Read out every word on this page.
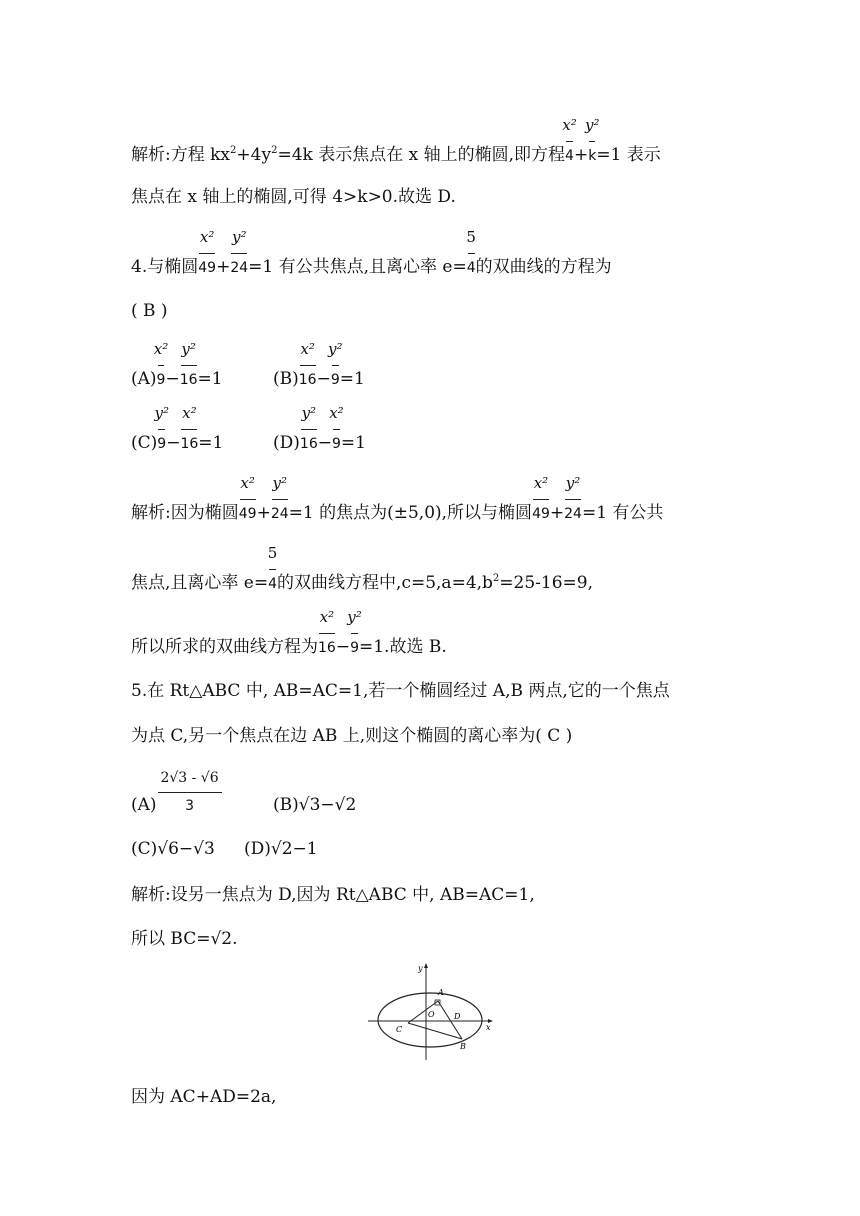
解析:方程 $kx^2+4y^2=4k$ 表示焦点在 x 轴上的椭圆,即方程 $\frac{\text{x²}}{4}+ \frac{\text{y²}}{k}=1$ 表示
焦点在 x 轴上的椭圆,可得 4>k>0.故选 D.
4.与椭圆 $\frac{\text{x²}}{49}+ \frac{\text{y²}}{24}=1$ 有公共焦点,且离心率 $e= \frac{5}{4}$的双曲线的方程为
( B )
$(A) \frac{\text{x²}}{9}- \frac{\text{y²}}{16}=1$	$(B) \frac{\text{x²}}{16}- \frac{\text{y²}}{9}=1$
$(C) \frac{\text{y²}}{9}- \frac{\text{x²}}{16}=1$	$(D) \frac{\text{y²}}{16}- \frac{\text{x²}}{9}=1$
解析:因为椭圆 $\frac{\text{x²}}{49}+ \frac{\text{y²}}{24}=1$ 的焦点为(±5,0),所以与椭圆 $\frac{\text{x²}}{49}+ \frac{\text{y²}}{24}=1$ 有公共
焦点,且离心率 $e= \frac{5}{4}$的双曲线方程中$,c=5,a=4,b^2=25-16=9$,
所以所求的双曲线方程为 $\frac{\text{x²}}{16}- \frac{\text{y²}}{9}=1$.故选 B.
5.在 Rt△ABC 中, AB=AC=1,若一个椭圆经过 A,B 两点,它的一个焦点
为点 C,另一个焦点在边 AB 上,则这个椭圆的离心率为( C )
$(A) \frac{2√3 - √6}{3}$	(B)√3−√2
(C)√6−√3 (D)√2−1
解析:设另一焦点为 D,因为 Rt△ABC 中, AB=AC=1,
所以 BC=√2.
y
x
A
O
C
D
B
因为 AC+AD=2a,
